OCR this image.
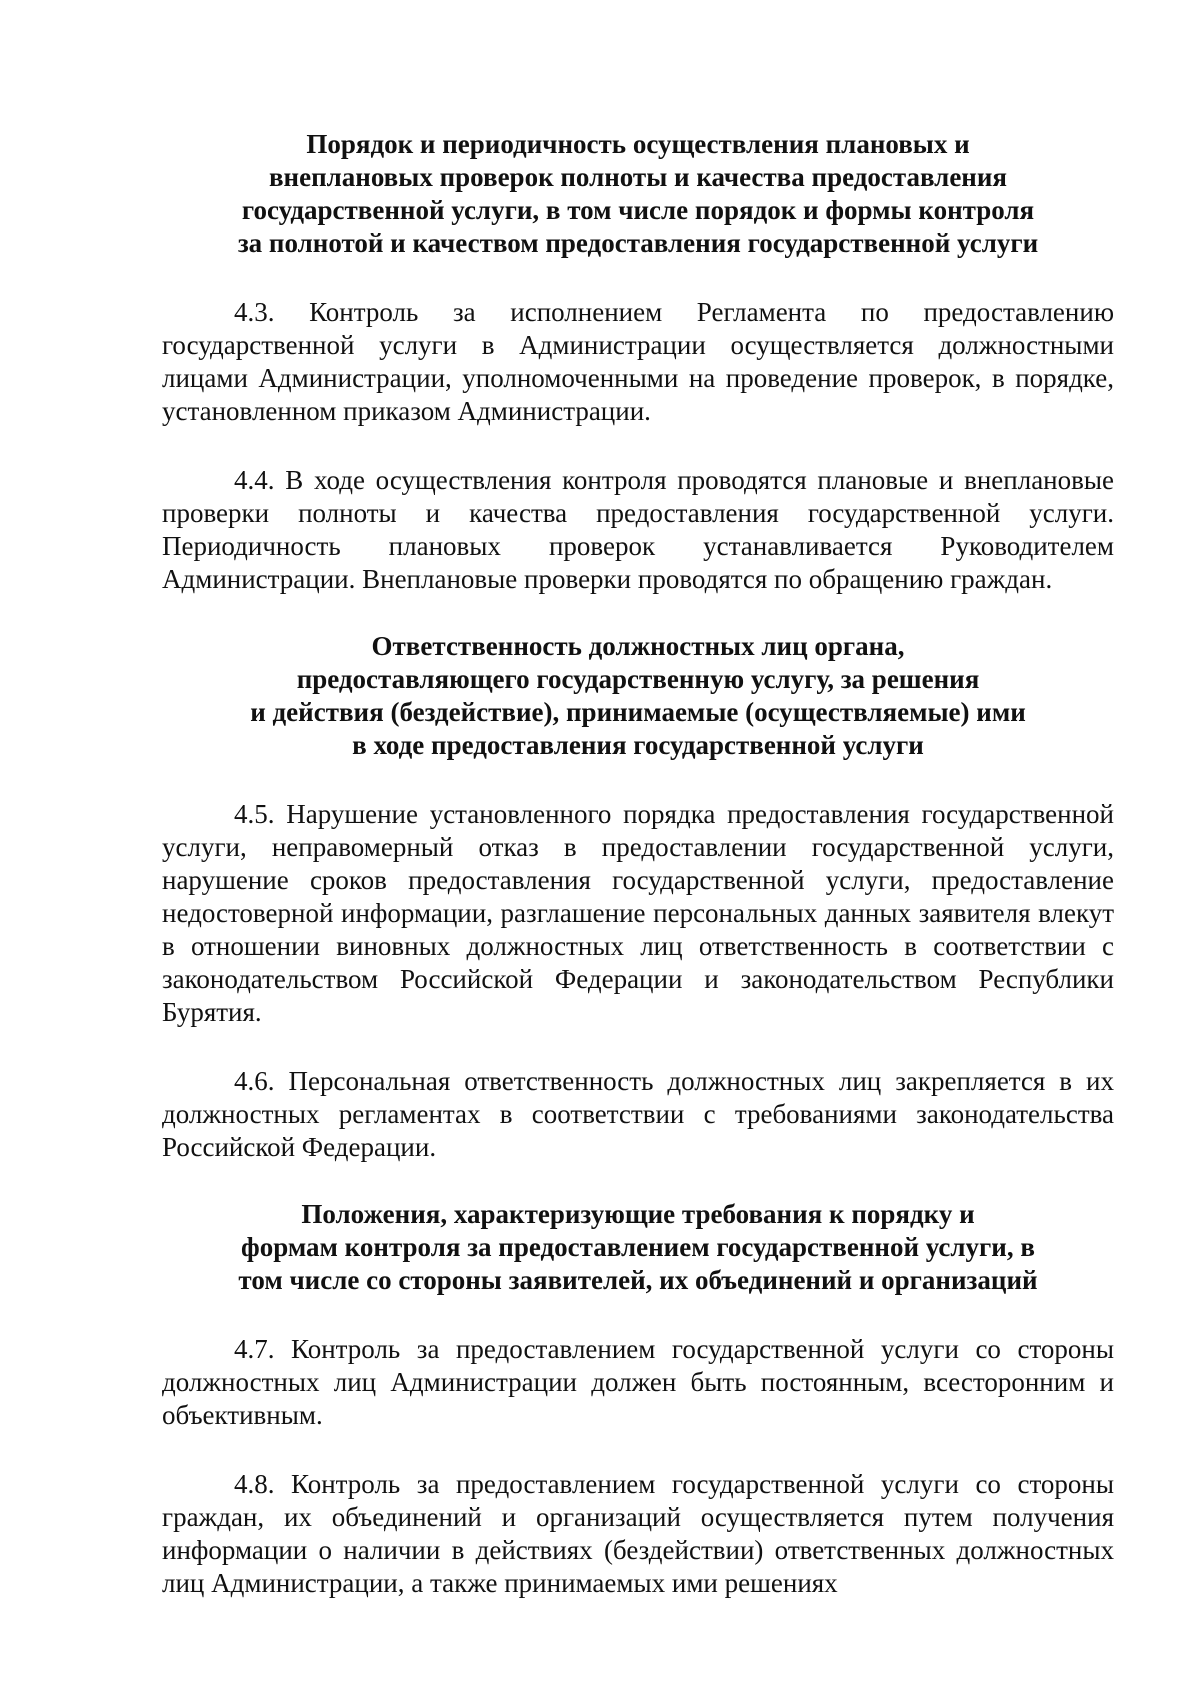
Порядок и периодичность осуществления плановых и
внеплановых проверок полноты и качества предоставления
государственной услуги, в том числе порядок и формы контроля
за полнотой и качеством предоставления государственной услуги

4.3. Контроль за исполнением Регламента по предоставлению государственной услуги в Администрации осуществляется должностными лицами Администрации, уполномоченными на проведение проверок, в порядке, установленном приказом Администрации.

4.4. В ходе осуществления контроля проводятся плановые и внеплановые проверки полноты и качества предоставления государственной услуги. Периодичность плановых проверок устанавливается Руководителем Администрации. Внеплановые проверки проводятся по обращению граждан.

Ответственность должностных лиц органа,
предоставляющего государственную услугу, за решения
и действия (бездействие), принимаемые (осуществляемые) ими
в ходе предоставления государственной услуги

4.5. Нарушение установленного порядка предоставления государственной услуги, неправомерный отказ в предоставлении государственной услуги, нарушение сроков предоставления государственной услуги, предоставление недостоверной информации, разглашение персональных данных заявителя влекут в отношении виновных должностных лиц ответственность в соответствии с законодательством Российской Федерации и законодательством Республики Бурятия.

4.6. Персональная ответственность должностных лиц закрепляется в их должностных регламентах в соответствии с требованиями законодательства Российской Федерации.

Положения, характеризующие требования к порядку и
формам контроля за предоставлением государственной услуги, в
том числе со стороны заявителей, их объединений и организаций

4.7. Контроль за предоставлением государственной услуги со стороны должностных лиц Администрации должен быть постоянным, всесторонним и объективным.

4.8. Контроль за предоставлением государственной услуги со стороны граждан, их объединений и организаций осуществляется путем получения информации о наличии в действиях (бездействии) ответственных должностных лиц Администрации, а также принимаемых ими решениях
